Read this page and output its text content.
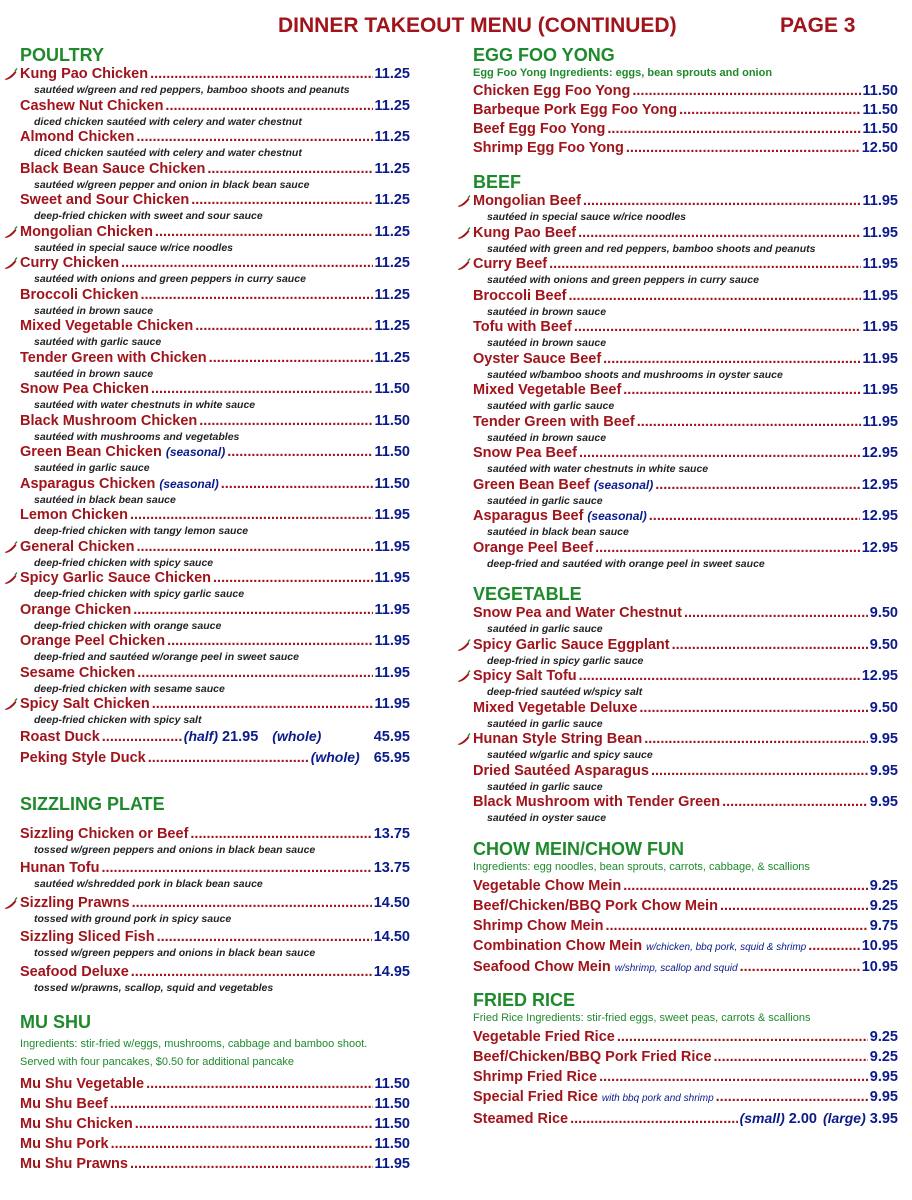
DINNER TAKEOUT MENU (CONTINUED)	PAGE 3
POULTRY
Kung Pao Chicken .....	11.25
sautéed w/green and red peppers, bamboo shoots and peanuts
Cashew Nut Chicken .....	11.25
diced chicken sautéed with celery and water chestnut
Almond Chicken .....	11.25
diced chicken sautéed with celery and water chestnut
Black Bean Sauce Chicken .....	11.25
sautéed w/green pepper and onion in black bean sauce
Sweet and Sour Chicken .....	11.25
deep-fried chicken with sweet and sour sauce
Mongolian Chicken .....	11.25
sautéed in special sauce w/rice noodles
Curry Chicken .....	11.25
sautéed with onions and green peppers in curry sauce
Broccoli Chicken .....	11.25
sautéed in brown sauce
Mixed Vegetable Chicken .....	11.25
sautéed with garlic sauce
Tender Green with Chicken .....	11.25
sautéed in brown sauce
Snow Pea Chicken .....	11.50
sautéed with water chestnuts in white sauce
Black Mushroom Chicken .....	11.50
sautéed with mushrooms and vegetables
Green Bean Chicken (seasonal) .....	11.50
sautéed in garlic sauce
Asparagus Chicken (seasonal) .....	11.50
sautéed in black bean sauce
Lemon Chicken .....	11.95
deep-fried chicken with tangy lemon sauce
General Chicken .....	11.95
deep-fried chicken with spicy sauce
Spicy Garlic Sauce Chicken .....	11.95
deep-fried chicken with spicy garlic sauce
Orange Chicken .....	11.95
deep-fried chicken with orange sauce
Orange Peel Chicken .....	11.95
deep-fried and sautéed w/orange peel in sweet sauce
Sesame Chicken .....	11.95
deep-fried chicken with sesame sauce
Spicy Salt Chicken .....	11.95
deep-fried chicken with spicy salt
Roast Duck .....	(half) 21.95 (whole)	45.95
Peking Style Duck .....	(whole) 65.95
SIZZLING PLATE
Sizzling Chicken or Beef .....	13.75
tossed w/green peppers and onions in black bean sauce
Hunan Tofu .....	13.75
sautéed w/shredded pork in black bean sauce
Sizzling Prawns .....	14.50
tossed with ground pork in spicy sauce
Sizzling Sliced Fish .....	14.50
tossed w/green peppers and onions in black bean sauce
Seafood Deluxe .....	14.95
tossed w/prawns, scallop, squid and vegetables
MU SHU
Ingredients: stir-fried w/eggs, mushrooms, cabbage and bamboo shoot.
Served with four pancakes, $0.50 for additional pancake
Mu Shu Vegetable .....	11.50
Mu Shu Beef .....	11.50
Mu Shu Chicken .....	11.50
Mu Shu Pork .....	11.50
Mu Shu Prawns .....	11.95
EGG FOO YONG
Egg Foo Yong Ingredients: eggs, bean sprouts and onion
Chicken Egg Foo Yong .....	11.50
Barbeque Pork Egg Foo Yong .....	11.50
Beef Egg Foo Yong .....	11.50
Shrimp Egg Foo Yong .....	12.50
BEEF
Mongolian Beef .....	11.95
sautéed in special sauce w/rice noodles
Kung Pao Beef .....	11.95
sautéed with green and red peppers, bamboo shoots and peanuts
Curry Beef .....	11.95
sautéed with onions and green peppers in curry sauce
Broccoli Beef .....	11.95
sautéed in brown sauce
Tofu with Beef .....	11.95
sautéed in brown sauce
Oyster Sauce Beef .....	11.95
sautéed w/bamboo shoots and mushrooms in oyster sauce
Mixed Vegetable Beef .....	11.95
sautéed with garlic sauce
Tender Green with Beef .....	11.95
sautéed in brown sauce
Snow Pea Beef .....	12.95
sautéed with water chestnuts in white sauce
Green Bean Beef (seasonal) .....	12.95
sautéed in garlic sauce
Asparagus Beef (seasonal) .....	12.95
sautéed in black bean sauce
Orange Peel Beef .....	12.95
deep-fried and sautéed with orange peel in sweet sauce
VEGETABLE
Snow Pea and Water Chestnut .....	9.50
sautéed in garlic sauce
Spicy Garlic Sauce Eggplant .....	9.50
deep-fried in spicy garlic sauce
Spicy Salt Tofu .....	12.95
deep-fried sautéed w/spicy salt
Mixed Vegetable Deluxe .....	9.50
sautéed in garlic sauce
Hunan Style String Bean .....	9.95
sautéed w/garlic and spicy sauce
Dried Sautéed Asparagus .....	9.95
sautéed in garlic sauce
Black Mushroom with Tender Green .....	9.95
sautéed in oyster sauce
CHOW MEIN/CHOW FUN
Ingredients: egg noodles, bean sprouts, carrots, cabbage, & scallions
Vegetable Chow Mein .....	9.25
Beef/Chicken/BBQ Pork Chow Mein .....	9.25
Shrimp Chow Mein .....	9.75
Combination Chow Mein w/chicken, bbq pork, squid & shrimp .....	10.95
Seafood Chow Mein w/shrimp, scallop and squid .....	10.95
FRIED RICE
Fried Rice Ingredients: stir-fried eggs, sweet peas, carrots & scallions
Vegetable Fried Rice .....	9.25
Beef/Chicken/BBQ Pork Fried Rice .....	9.25
Shrimp Fried Rice .....	9.95
Special Fried Rice with bbq pork and shrimp .....	9.95
Steamed Rice .....	(small) 2.00 (large) 3.95
